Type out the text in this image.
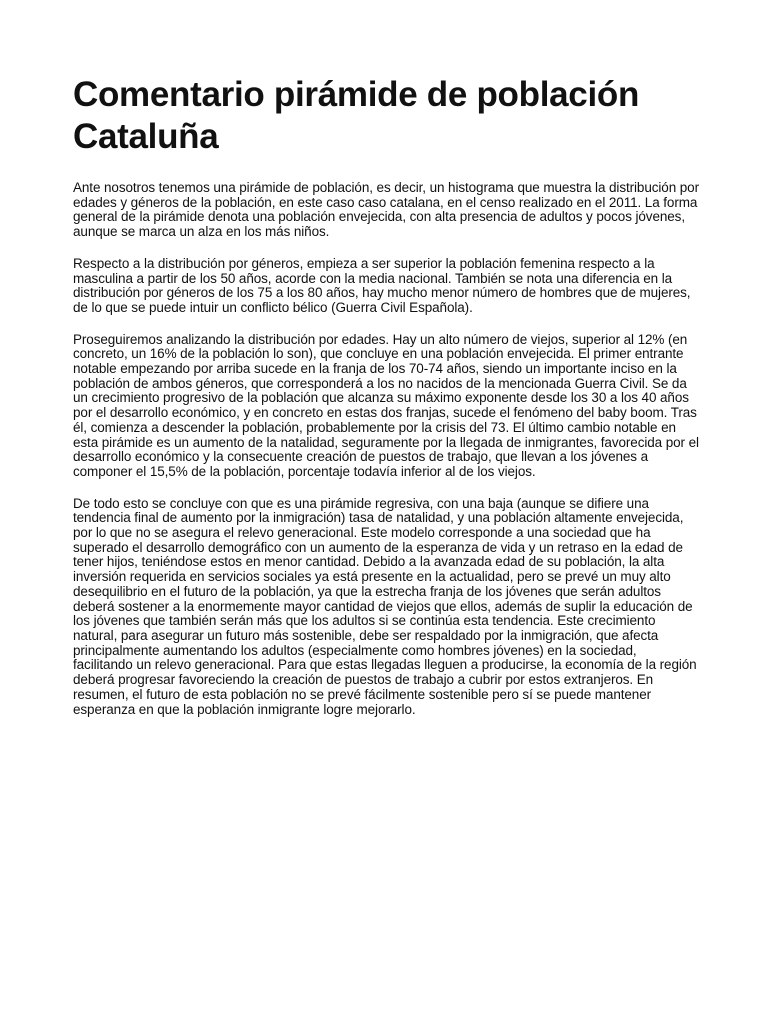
Comentario pirámide de población Cataluña

Ante nosotros tenemos una pirámide de población, es decir, un histograma que muestra la distribución por edades y géneros de la población, en este caso caso catalana, en el censo realizado en el 2011. La forma general de la pirámide denota una población envejecida, con alta presencia de adultos y pocos jóvenes, aunque se marca un alza en los más niños.

Respecto a la distribución por géneros, empieza a ser superior la población femenina respecto a la masculina a partir de los 50 años, acorde con la media nacional. También se nota una diferencia en la distribución por géneros de los 75 a los 80 años, hay mucho menor número de hombres que de mujeres, de lo que se puede intuir un conflicto bélico (Guerra Civil Española).

Proseguiremos analizando la distribución por edades. Hay un alto número de viejos, superior al 12% (en concreto, un 16% de la población lo son), que concluye en una población envejecida. El primer entrante notable empezando por arriba sucede en la franja de los 70-74 años, siendo un importante inciso en la población de ambos géneros, que corresponderá a los no nacidos de la mencionada Guerra Civil. Se da un crecimiento progresivo de la población que alcanza su máximo exponente desde los 30 a los 40 años por el desarrollo económico, y en concreto en estas dos franjas, sucede el fenómeno del baby boom. Tras él, comienza a descender la población, probablemente por la crisis del 73. El último cambio notable en esta pirámide es un aumento de la natalidad, seguramente por la llegada de inmigrantes, favorecida por el desarrollo económico y la consecuente creación de puestos de trabajo, que llevan a los jóvenes a componer el 15,5% de la población, porcentaje todavía inferior al de los viejos.

De todo esto se concluye con que es una pirámide regresiva, con una baja (aunque se difiere una tendencia final de aumento por la inmigración) tasa de natalidad, y una población altamente envejecida, por lo que no se asegura el relevo generacional. Este modelo corresponde a una sociedad que ha superado el desarrollo demográfico con un aumento de la esperanza de vida y un retraso en la edad de tener hijos, teniéndose estos en menor cantidad. Debido a la avanzada edad de su población, la alta inversión requerida en servicios sociales ya está presente en la actualidad, pero se prevé un muy alto desequilibrio en el futuro de la población, ya que la estrecha franja de los jóvenes que serán adultos deberá sostener a la enormemente mayor cantidad de viejos que ellos, además de suplir la educación de los jóvenes que también serán más que los adultos si se continúa esta tendencia. Este crecimiento natural, para asegurar un futuro más sostenible, debe ser respaldado por la inmigración, que afecta principalmente aumentando los adultos (especialmente como hombres jóvenes) en la sociedad, facilitando un relevo generacional. Para que estas llegadas lleguen a producirse, la economía de la región deberá progresar favoreciendo la creación de puestos de trabajo a cubrir por estos extranjeros. En resumen, el futuro de esta población no se prevé fácilmente sostenible pero sí se puede mantener esperanza en que la población inmigrante logre mejorarlo.
